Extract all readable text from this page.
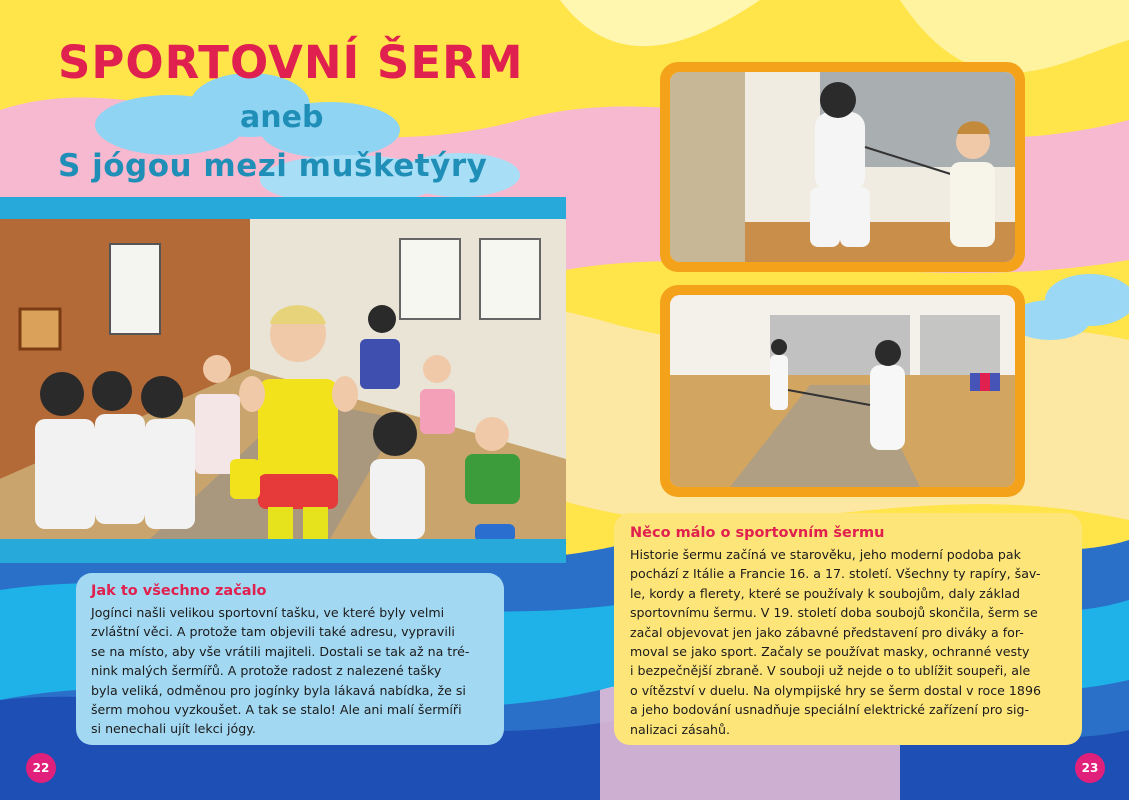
SPORTOVNÍ ŠERM
aneb
S jógou mezi mušketýry
Jak to všechno začalo

Jogínci našli velikou sportovní tašku, ve které byly velmi
zvláštní věci. A protože tam objevili také adresu, vypravili
se na místo, aby vše vrátili majiteli. Dostali se tak až na tré-
nink malých šermířů. A protože radost z nalezené tašky
byla veliká, odměnou pro jogínky byla lákavá nabídka, že si
šerm mohou vyzkoušet. A tak se stalo! Ale ani malí šermíři
si nenechali ujít lekci jógy.

Něco málo o sportovním šermu

Historie šermu začíná ve starověku, jeho moderní podoba pak
pochází z Itálie a Francie 16. a 17. století. Všechny ty rapíry, šav-
le, kordy a flerety, které se používaly k soubojům, daly základ
sportovnímu šermu. V 19. století doba soubojů skončila, šerm se
začal objevovat jen jako zábavné představení pro diváky a for-
moval se jako sport. Začaly se používat masky, ochranné vesty
i bezpečnější zbraně. V souboji už nejde o to ublížit soupeři, ale
o vítězství v duelu. Na olympijské hry se šerm dostal v roce 1896
a jeho bodování usnadňuje speciální elektrické zařízení pro sig-
nalizaci zásahů.

22	23
